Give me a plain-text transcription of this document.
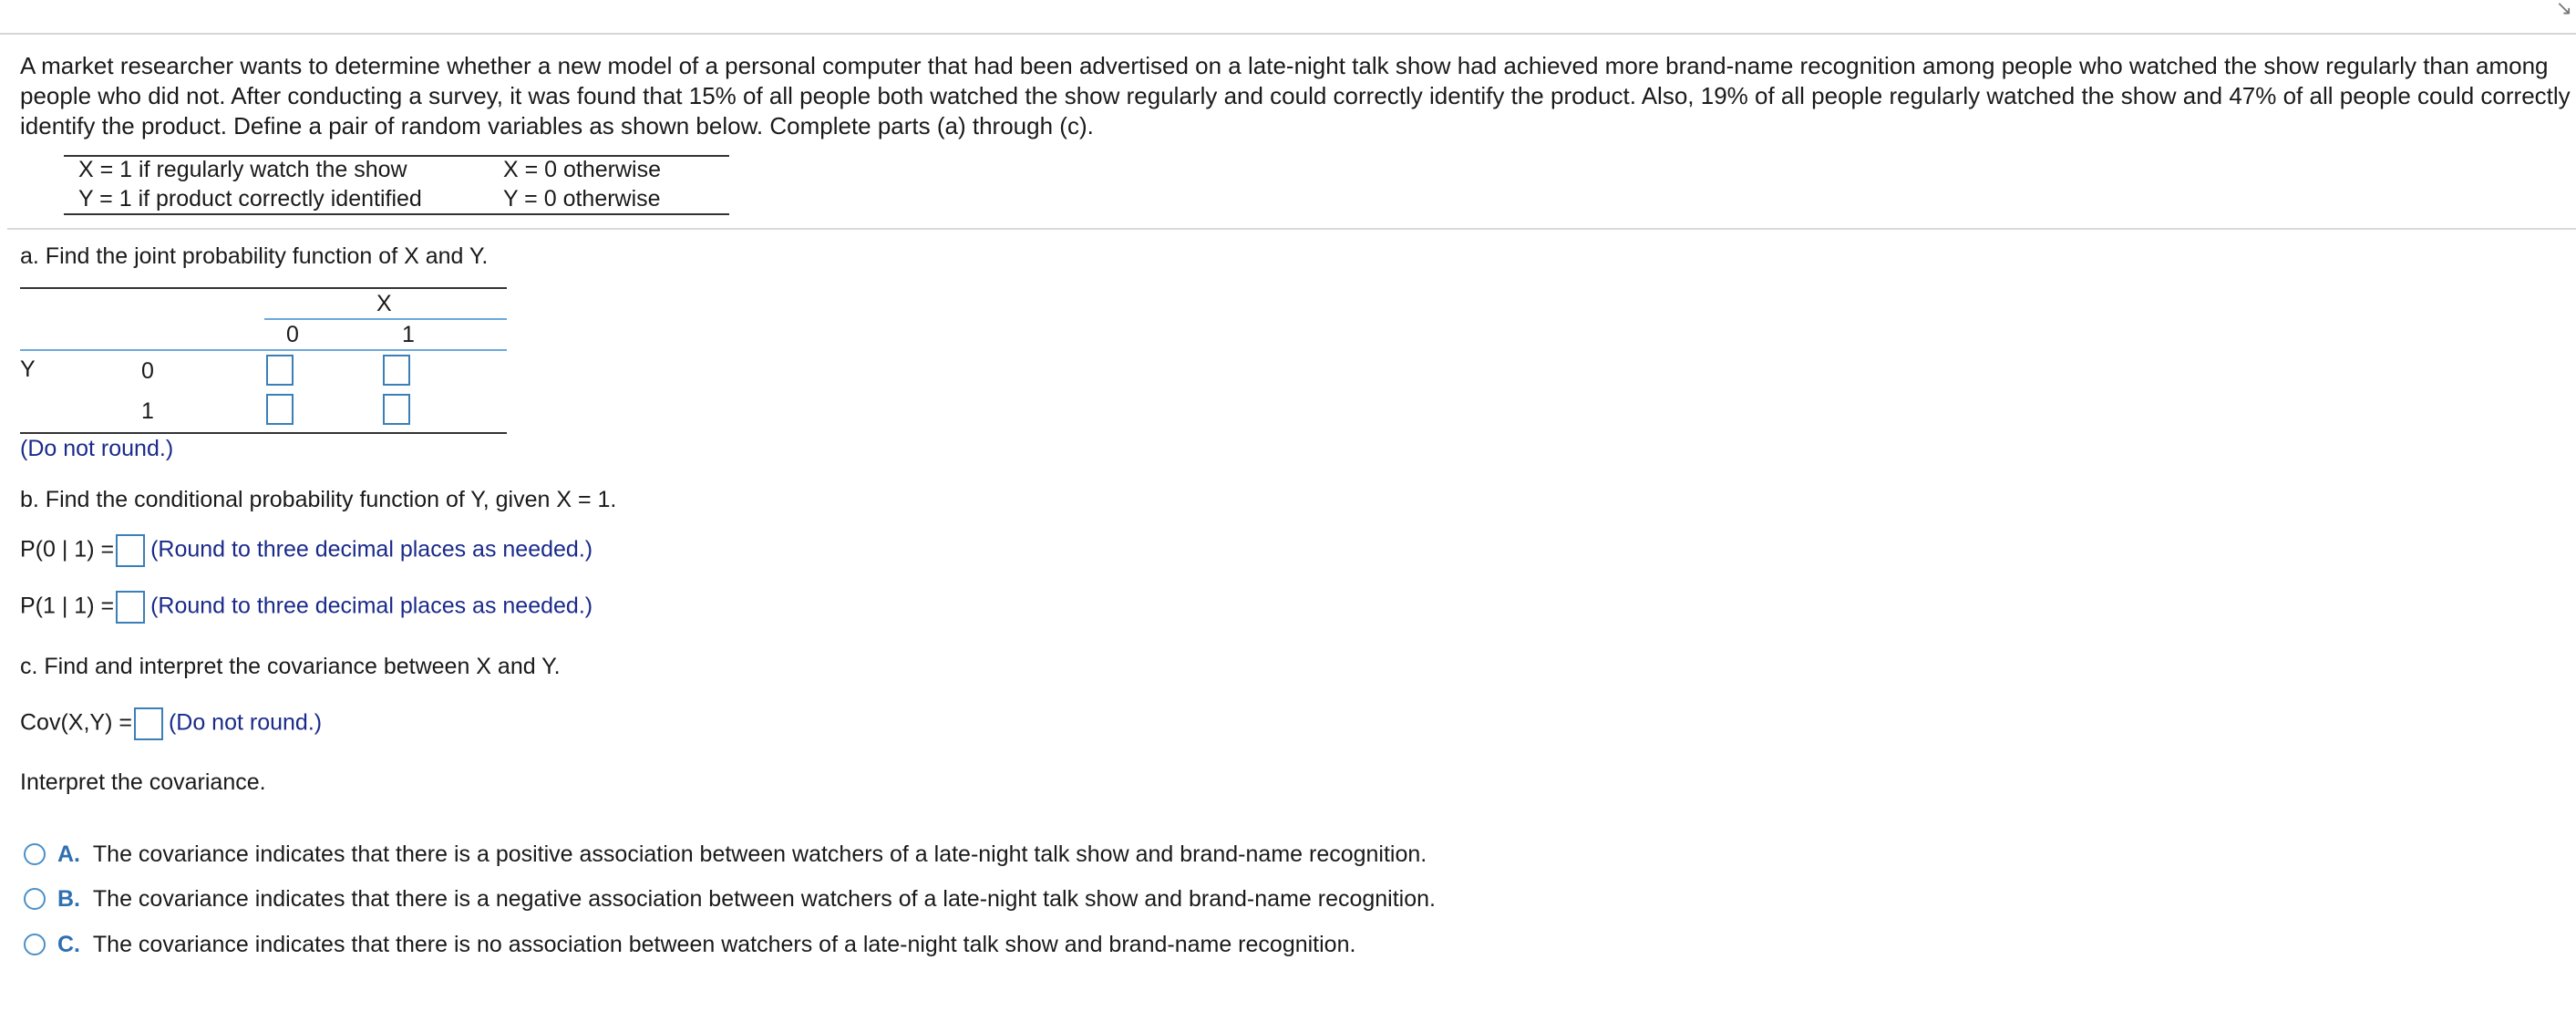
↘
A market researcher wants to determine whether a new model of a personal computer that had been advertised on a late-night talk show had achieved more brand-name recognition among people who watched the show regularly than among people who did not. After conducting a survey, it was found that 15% of all people both watched the show regularly and could correctly identify the product. Also, 19% of all people regularly watched the show and 47% of all people could correctly identify the product. Define a pair of random variables as shown below. Complete parts (a) through (c).
X = 1 if regularly watch the show	X = 0 otherwise
Y = 1 if product correctly identified	Y = 0 otherwise
a. Find the joint probability function of X and Y.
X
0	1
Y	0
1
(Do not round.)
b. Find the conditional probability function of Y, given X = 1.
P(0 | 1) = (Round to three decimal places as needed.)
P(1 | 1) = (Round to three decimal places as needed.)
c. Find and interpret the covariance between X and Y.
Cov(X,Y) = (Do not round.)
Interpret the covariance.
A. The covariance indicates that there is a positive association between watchers of a late-night talk show and brand-name recognition.
B. The covariance indicates that there is a negative association between watchers of a late-night talk show and brand-name recognition.
C. The covariance indicates that there is no association between watchers of a late-night talk show and brand-name recognition.
